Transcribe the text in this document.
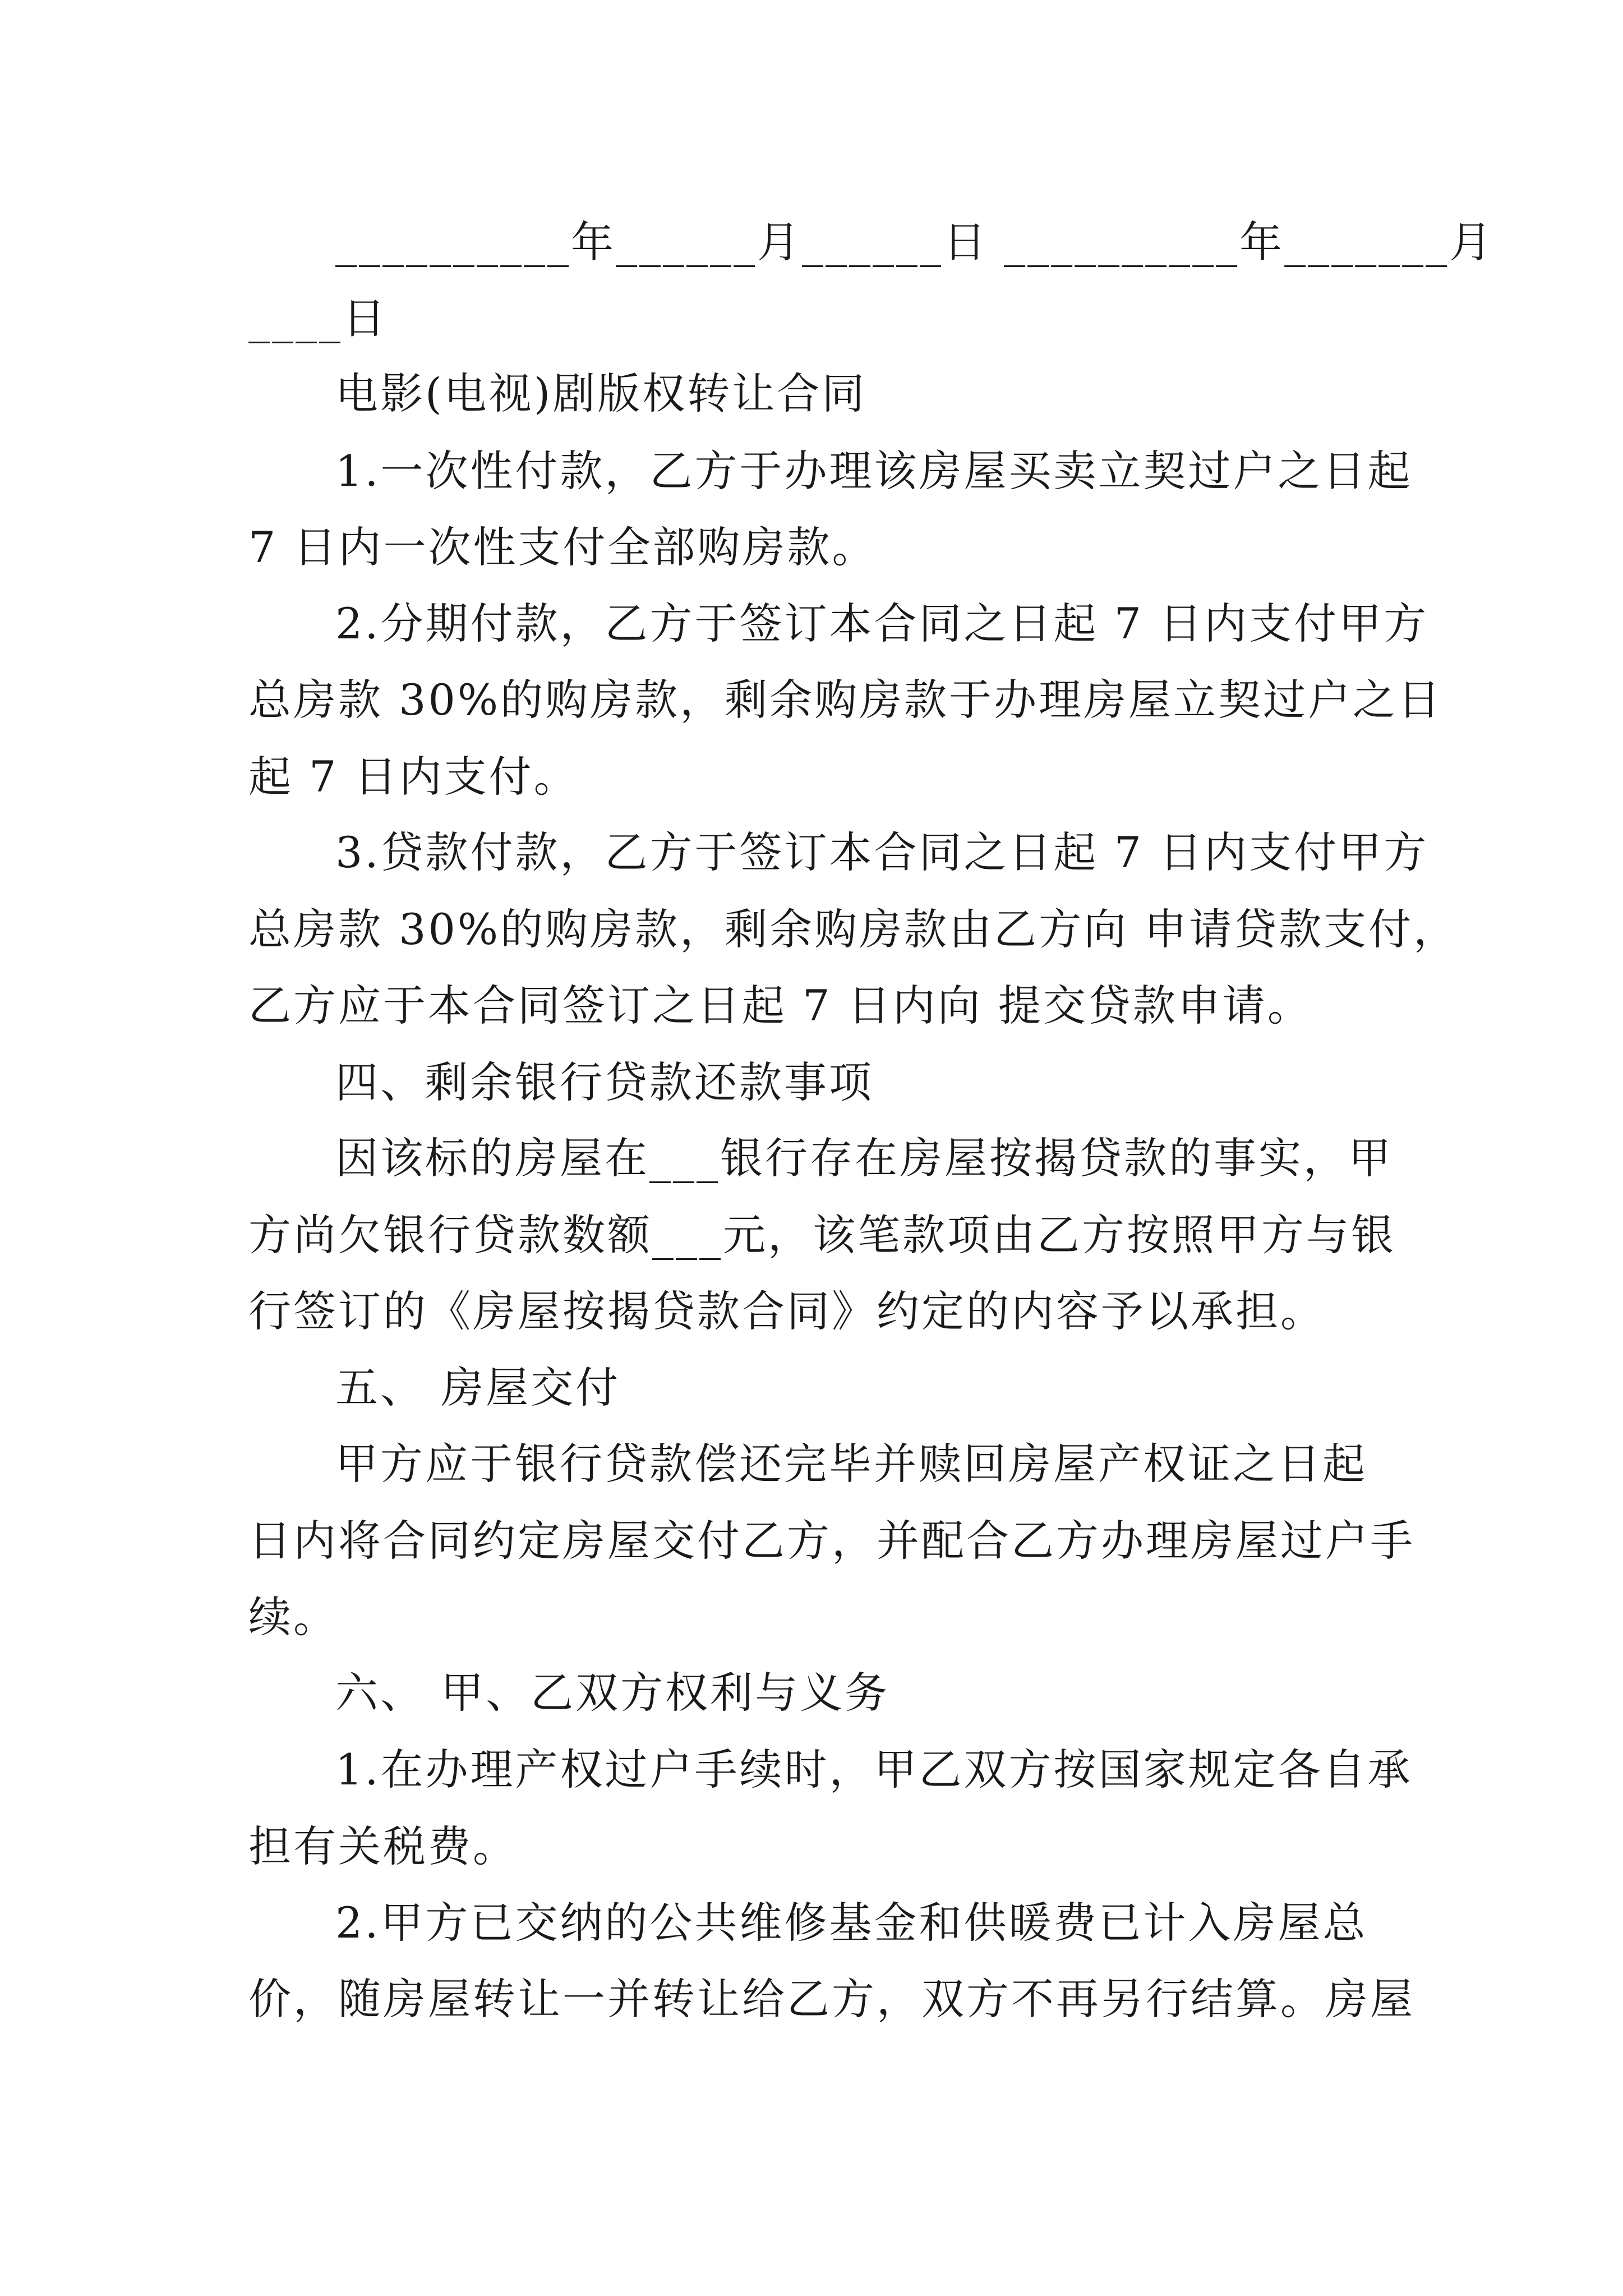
__________年______月______日 __________年_______月
____日
电影(电视)剧版权转让合同
1.一次性付款，乙方于办理该房屋买卖立契过户之日起
7 日内一次性支付全部购房款。
2.分期付款，乙方于签订本合同之日起 7 日内支付甲方
总房款 30%的购房款，剩余购房款于办理房屋立契过户之日
起 7 日内支付。
3.贷款付款，乙方于签订本合同之日起 7 日内支付甲方
总房款 30%的购房款，剩余购房款由乙方向 申请贷款支付，
乙方应于本合同签订之日起 7 日内向 提交贷款申请。
四、剩余银行贷款还款事项
因该标的房屋在___银行存在房屋按揭贷款的事实，甲
方尚欠银行贷款数额___元，该笔款项由乙方按照甲方与银
行签订的《房屋按揭贷款合同》约定的内容予以承担。
五、 房屋交付
甲方应于银行贷款偿还完毕并赎回房屋产权证之日起
日内将合同约定房屋交付乙方，并配合乙方办理房屋过户手
续。
六、 甲、乙双方权利与义务
1.在办理产权过户手续时，甲乙双方按国家规定各自承
担有关税费。
2.甲方已交纳的公共维修基金和供暖费已计入房屋总
价，随房屋转让一并转让给乙方，双方不再另行结算。房屋
